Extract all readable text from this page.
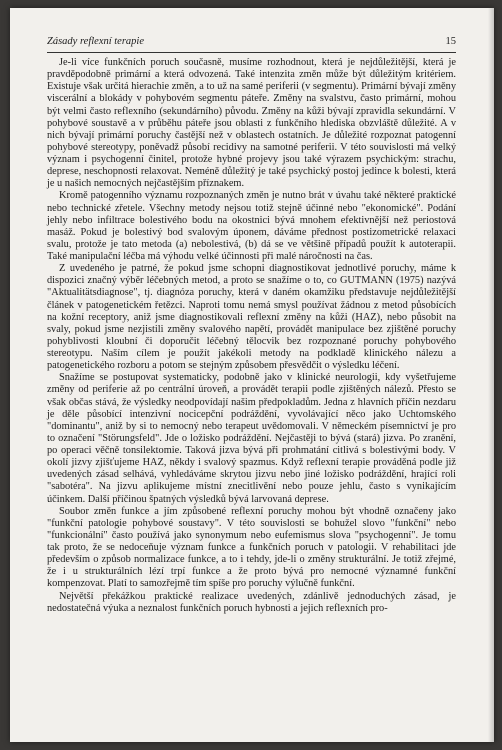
Zásady reflexní terapie	15

Je-li více funkčních poruch současně, musíme rozhodnout, která je nejdůležitější, která je pravděpodobně primární a která odvozená. Také intenzita změn může být důležitým kritériem. Existuje však určitá hierachie změn, a to už na samé periferii (v segmentu). Primární bývají změny viscerální a blokády v pohybovém segmentu páteře. Změny na svalstvu, často primární, mohou být velmi často reflexního (sekundárního) původu. Změny na kůži bývají zpravidla sekundární. V pohybové soustavě a v průběhu páteře jsou oblasti z funkčního hlediska obzvláště důležité. A v nich bývají primární poruchy častější než v oblastech ostatních. Je důležité rozpoznat patogenní pohybové stereotypy, poněvadž působí recidivy na samotné periferii. V této souvislosti má velký význam i psychogenní činitel, protože hybné projevy jsou také výrazem psychickým: strachu, deprese, neschopnosti relaxovat. Neméně důležitý je také psychický postoj jedince k bolesti, která je u našich nemocných nejčastějším příznakem.

Kromě patogenního významu rozpoznaných změn je nutno brát v úvahu také některé praktické nebo technické zřetele. Všechny metody nejsou totiž stejně účinné nebo "ekonomické". Podání jehly nebo infiltrace bolestivého bodu na okostnici bývá mnohem efektivnější než periostová masáž. Pokud je bolestivý bod svalovým úponem, dáváme přednost postizometrické relaxaci svalu, protože je tato metoda (a) nebolestivá, (b) dá se ve většině případů použít k autoterapii. Také manipulační léčba má výhodu velké účinnosti při malé náročnosti na čas.

Z uvedeného je patrné, že pokud jsme schopni diagnostikovat jednotlivé poruchy, máme k dispozici značný výběr léčebných metod, a proto se snažíme o to, co GUTMANN (1975) nazývá "Aktualitätsdiagnose", tj. diagnóza poruchy, která v daném okamžiku představuje nejdůležitější článek v patogenetickém řetězci. Naproti tomu nemá smysl používat žádnou z metod působících na kožní receptory, aniž jsme diagnostikovali reflexní změny na kůži (HAZ), nebo působit na svaly, pokud jsme nezjistili změny svalového napětí, provádět manipulace bez zjištěné poruchy pohyblivosti kloubní či doporučit léčebný tělocvik bez rozpoznané poruchy pohybového stereotypu. Naším cílem je použít jakékoli metody na podkladě klinického nálezu a patogenetického rozboru a potom se stejným způsobem přesvědčit o výsledku léčení.

Snažíme se postupovat systematicky, podobně jako v klinické neurologii, kdy vyšetřujeme změny od periferie až po centrální úroveň, a provádět terapii podle zjištěných nálezů. Přesto se však občas stává, že výsledky neodpovídají našim předpokladům. Jedna z hlavních příčin nezdaru je děle působící intenzivní nocicepční podráždění, vyvolávající něco jako Uchtomského "dominantu", aniž by si to nemocný nebo terapeut uvědomovali. V německém písemnictví je pro to označení "Störungsfeld". Jde o ložisko podráždění. Nejčastěji to bývá (stará) jizva. Po zranění, po operaci věčně tonsilektomie. Taková jizva bývá při prohmatání citlivá s bolestivými body. V okolí jizvy zjišťujeme HAZ, někdy i svalový spazmus. Když reflexní terapie prováděná podle již uvedených zásad selhává, vyhledáváme skrytou jizvu nebo jiné ložisko podráždění, hrající roli "sabotéra". Na jizvu aplikujeme místní znecitlivění nebo pouze jehlu, často s vynikajícím účinkem. Další příčinou špatných výsledků bývá larvovaná deprese.

Soubor změn funkce a jím způsobené reflexní poruchy mohou být vhodně označeny jako "funkční patologie pohybové soustavy". V této souvislosti se bohužel slovo "funkční" nebo "funkcionální" často používá jako synonymum nebo eufemismus slova "psychogenní". Je tomu tak proto, že se nedoceňuje význam funkce a funkčních poruch v patologii. V rehabilitaci jde především o způsob normalizace funkce, a to i tehdy, jde-li o změny strukturální. Je totiž zřejmé, že i u strukturálních lézí trpí funkce a že proto bývá pro nemocné významné funkční kompenzovat. Platí to samozřejmě tím spíše pro poruchy výlučně funkční.

Největší překážkou praktické realizace uvedených, zdánlivě jednoduchých zásad, je nedostatečná výuka a neznalost funkčních poruch hybnosti a jejich reflexních pro-
